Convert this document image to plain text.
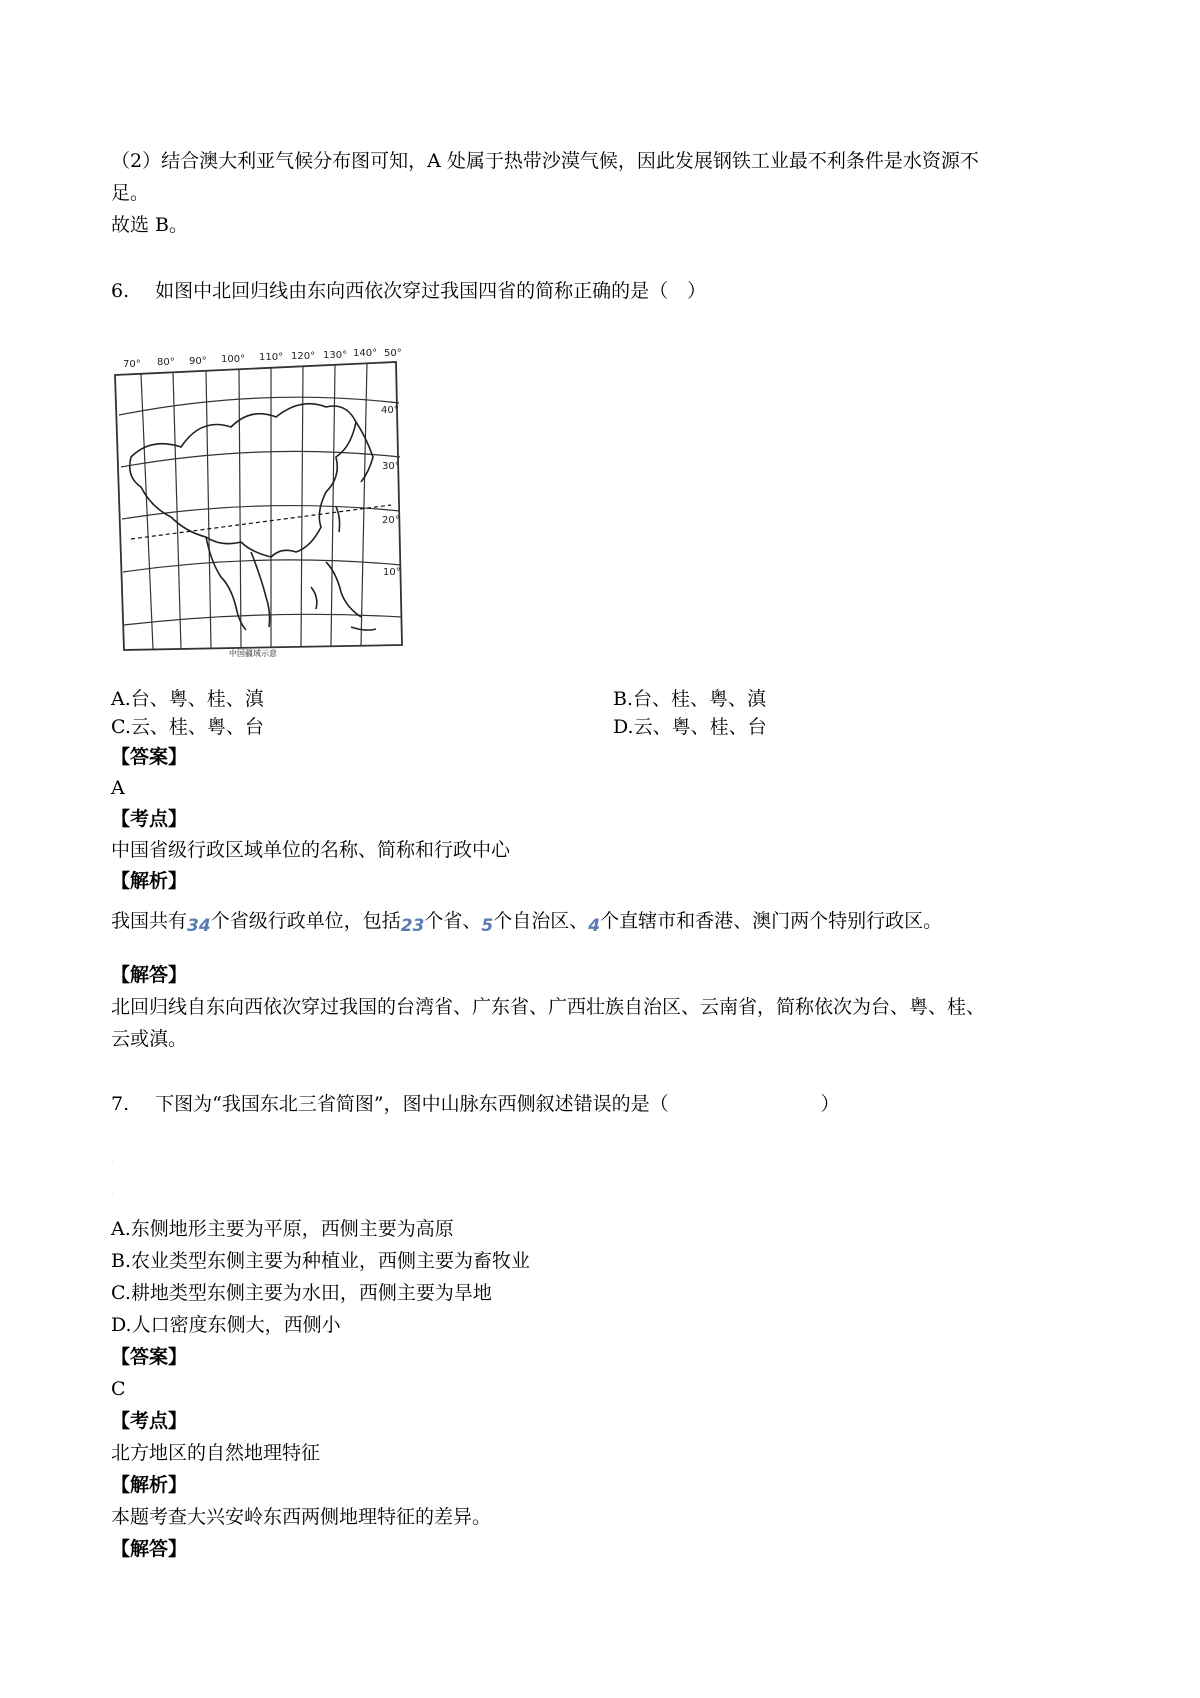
（2）结合澳大利亚气候分布图可知，A 处属于热带沙漠气候，因此发展钢铁工业最不利条件是水资源不
足。
故选 B。
6. 如图中北回归线由东向西依次穿过我国四省的简称正确的是（　）
70° 80° 90° 100° 110° 120° 130° 140° 50°
40°
30°
20°
10°
中国疆域示意
A.台、粤、桂、滇	B.台、桂、粤、滇
C.云、桂、粤、台	D.云、粤、桂、台
【答案】
A
【考点】
中国省级行政区域单位的名称、简称和行政中心
【解析】
我国共有34个省级行政单位，包括23个省、5个自治区、4个直辖市和香港、澳门两个特别行政区。
【解答】
北回归线自东向西依次穿过我国的台湾省、广东省、广西壮族自治区、云南省，简称依次为台、粤、桂、
云或滇。
7. 下图为“我国东北三省简图”，图中山脉东西侧叙述错误的是（　　　　　　　　）
·
·
A.东侧地形主要为平原，西侧主要为高原
B.农业类型东侧主要为种植业，西侧主要为畜牧业
C.耕地类型东侧主要为水田，西侧主要为旱地
D.人口密度东侧大，西侧小
【答案】
C
【考点】
北方地区的自然地理特征
【解析】
本题考查大兴安岭东西两侧地理特征的差异。
【解答】
